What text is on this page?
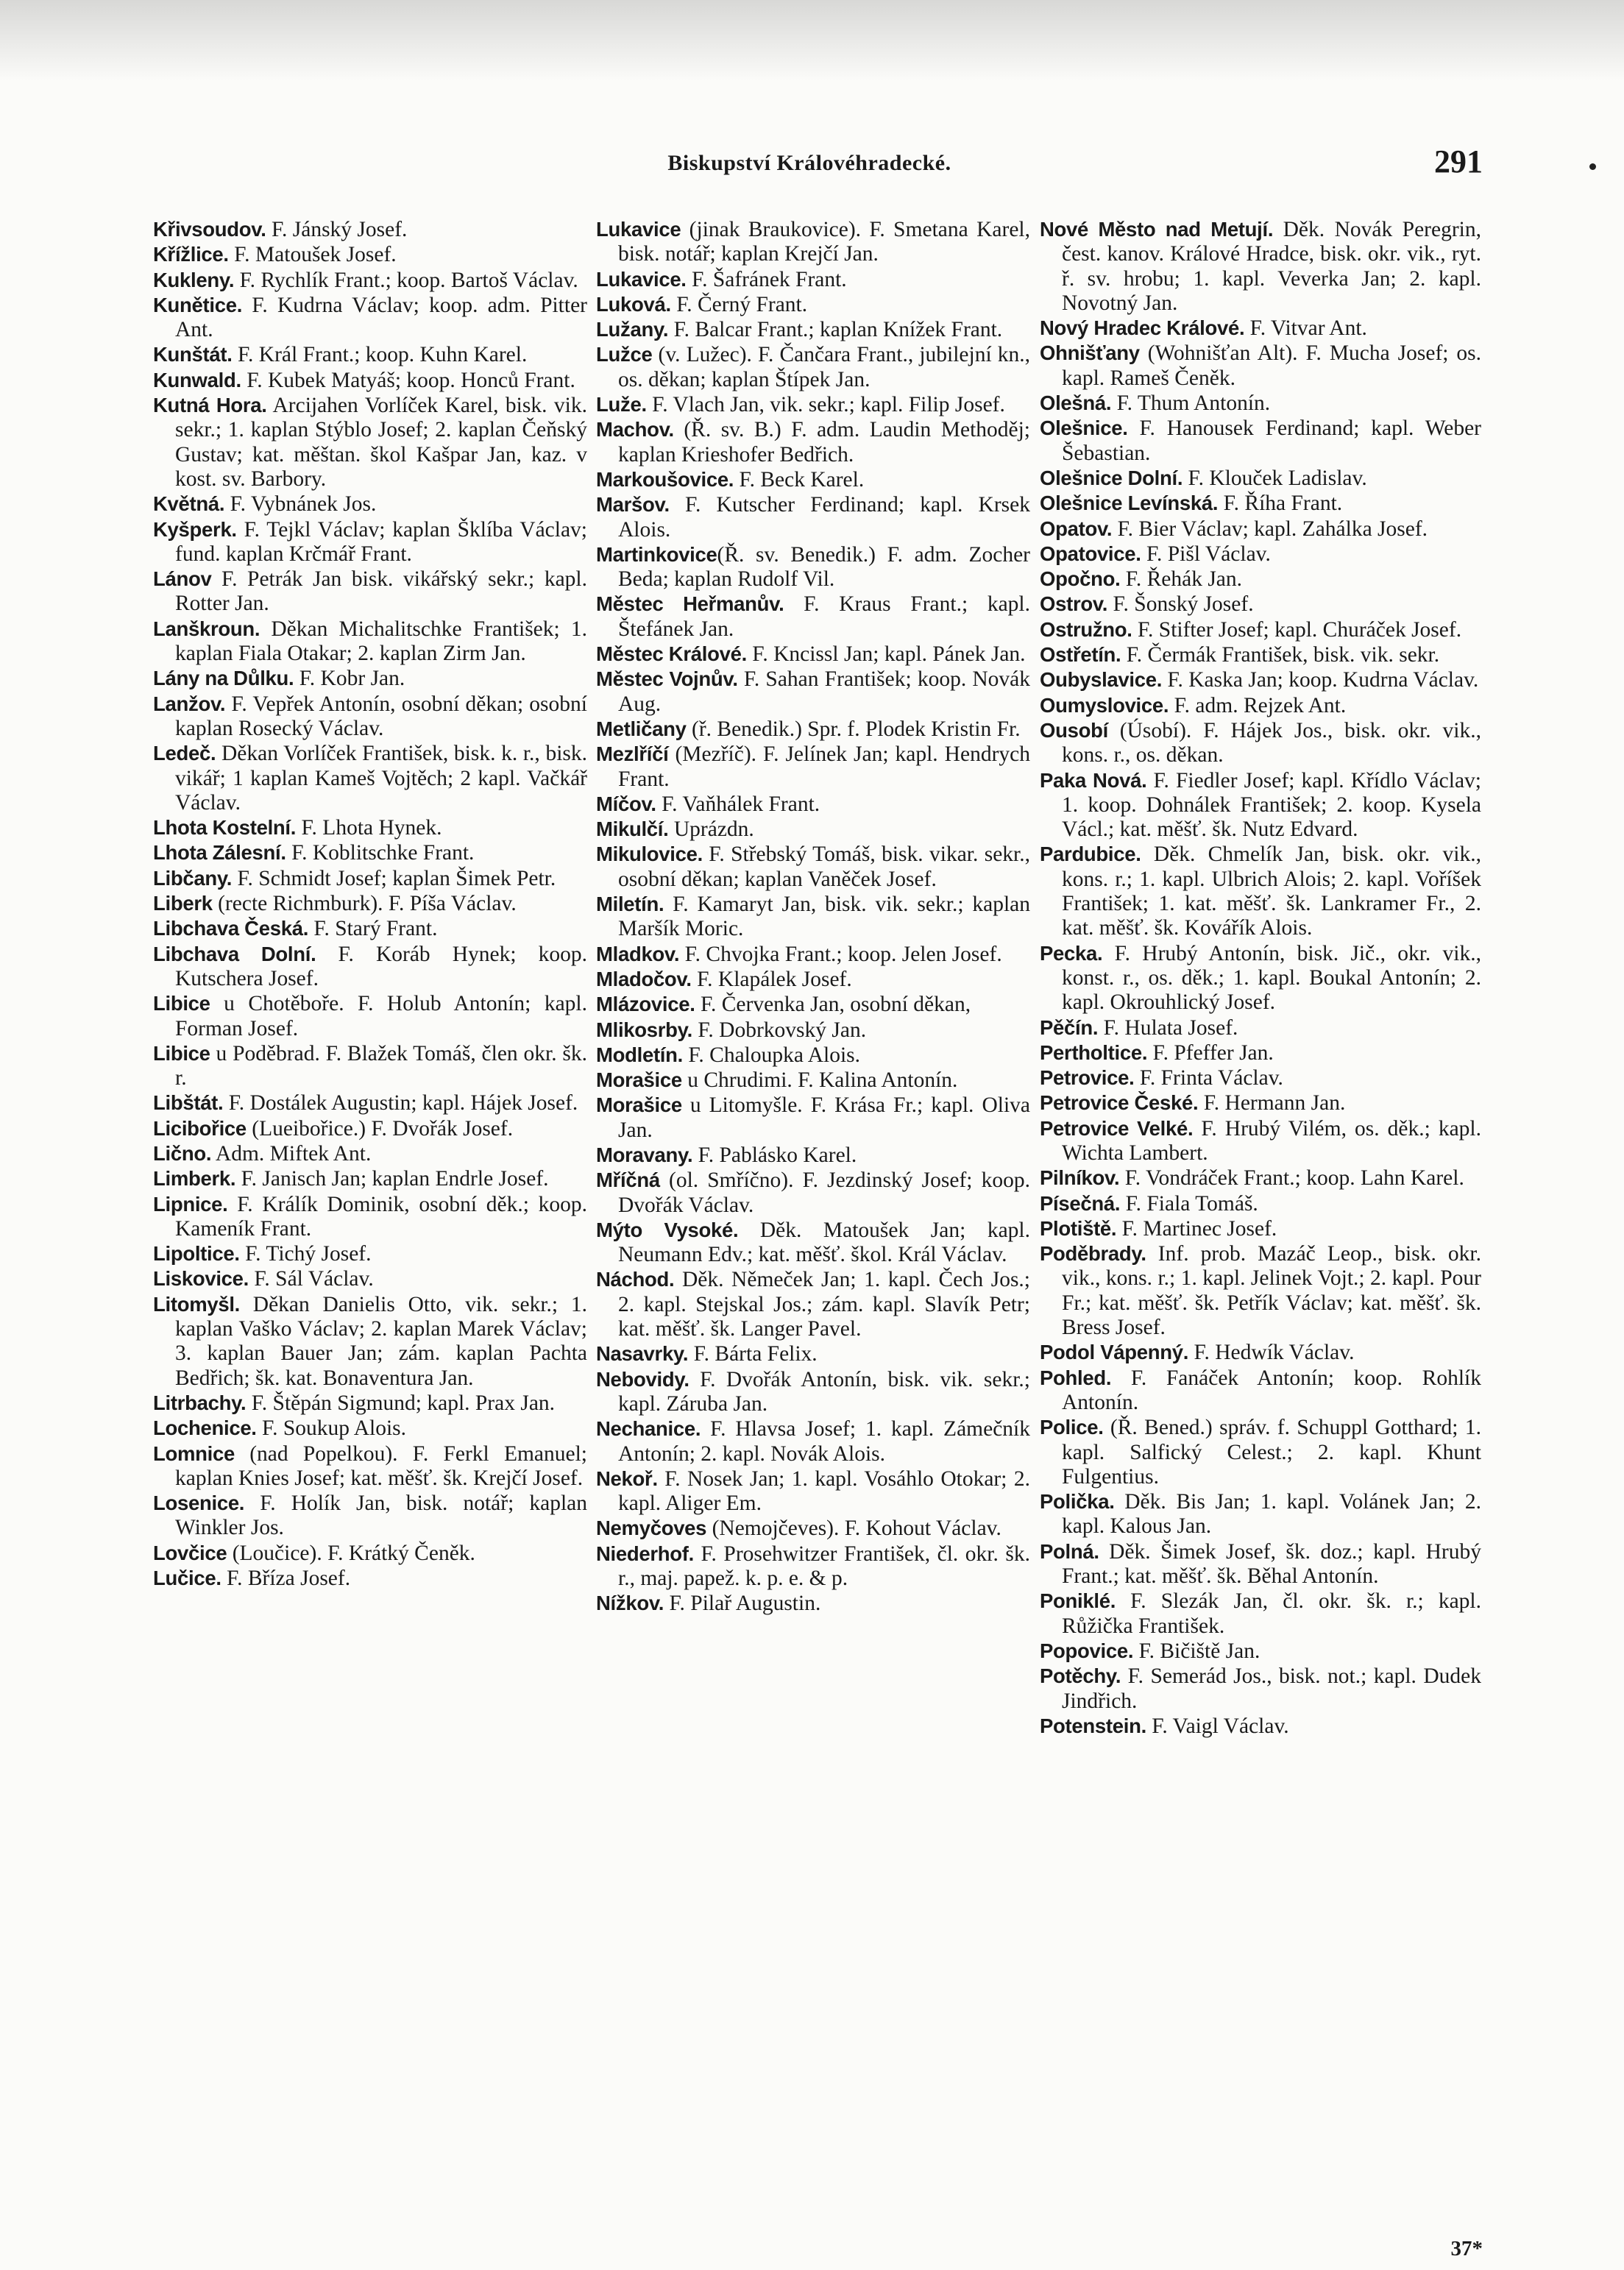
Biskupství Královéhradecké.	291

Křivsoudov. F. Jánský Josef.

Křížlice. F. Matoušek Josef.

Kukleny. F. Rychlík Frant.; koop. Bartoš Václav.

Kunětice. F. Kudrna Václav; koop. adm. Pitter Ant.

Kunštát. F. Král Frant.; koop. Kuhn Karel.

Kunwald. F. Kubek Matyáš; koop. Honců Frant.

Kutná Hora. Arcijahen Vorlíček Karel, bisk. vik. sekr.; 1. kaplan Stýblo Josef; 2. kaplan Čeňský Gustav; kat. měštan. škol Kašpar Jan, kaz. v kost. sv. Barbory.

Květná. F. Vybnánek Jos.

Kyšperk. F. Tejkl Václav; kaplan Šklíba Václav; fund. kaplan Krčmář Frant.

Lánov F. Petrák Jan bisk. vikářský sekr.; kapl. Rotter Jan.

Lanškroun. Děkan Michalitschke František; 1. kaplan Fiala Otakar; 2. kaplan Zirm Jan.

Lány na Důlku. F. Kobr Jan.

Lanžov. F. Vepřek Antonín, osobní děkan; osobní kaplan Rosecký Václav.

Ledeč. Děkan Vorlíček František, bisk. k. r., bisk. vikář; 1 kaplan Kameš Vojtěch; 2 kapl. Vačkář Václav.

Lhota Kostelní. F. Lhota Hynek.

Lhota Zálesní. F. Koblitschke Frant.

Libčany. F. Schmidt Josef; kaplan Šimek Petr.

Liberk (recte Richmburk). F. Píša Václav.

Libchava Česká. F. Starý Frant.

Libchava Dolní. F. Koráb Hynek; koop. Kutschera Josef.

Libice u Chotěboře. F. Holub Antonín; kapl. Forman Josef.

Libice u Poděbrad. F. Blažek Tomáš, člen okr. šk. r.

Libštát. F. Dostálek Augustin; kapl. Hájek Josef.

Licibořice (Lueibořice.) F. Dvořák Josef.

Lično. Adm. Miftek Ant.

Limberk. F. Janisch Jan; kaplan Endrle Josef.

Lipnice. F. Králík Dominik, osobní děk.; koop. Kameník Frant.

Lipoltice. F. Tichý Josef.

Liskovice. F. Sál Václav.

Litomyšl. Děkan Danielis Otto, vik. sekr.; 1. kaplan Vaško Václav; 2. kaplan Marek Václav; 3. kaplan Bauer Jan; zám. kaplan Pachta Bedřich; šk. kat. Bonaventura Jan.

Litrbachy. F. Štěpán Sigmund; kapl. Prax Jan.

Lochenice. F. Soukup Alois.

Lomnice (nad Popelkou). F. Ferkl Emanuel; kaplan Knies Josef; kat. měšť. šk. Krejčí Josef.

Losenice. F. Holík Jan, bisk. notář; kaplan Winkler Jos.

Lovčice (Loučice). F. Krátký Čeněk.

Lučice. F. Bříza Josef.

Lukavice (jinak Braukovice). F. Smetana Karel, bisk. notář; kaplan Krejčí Jan.

Lukavice. F. Šafránek Frant.

Luková. F. Černý Frant.

Lužany. F. Balcar Frant.; kaplan Knížek Frant.

Lužce (v. Lužec). F. Čančara Frant., jubilejní kn., os. děkan; kaplan Štípek Jan.

Luže. F. Vlach Jan, vik. sekr.; kapl. Filip Josef.

Machov. (Ř. sv. B.) F. adm. Laudin Methoděj; kaplan Krieshofer Bedřich.

Markoušovice. F. Beck Karel.

Maršov. F. Kutscher Ferdinand; kapl. Krsek Alois.

Martinkovice(Ř. sv. Benedik.) F. adm. Zocher Beda; kaplan Rudolf Vil.

Městec Heřmanův. F. Kraus Frant.; kapl. Štefánek Jan.

Městec Králové. F. Kncissl Jan; kapl. Pánek Jan.

Městec Vojnův. F. Sahan František; koop. Novák Aug.

Metličany (ř. Benedik.) Spr. f. Plodek Kristin Fr.

Mezlříčí (Mezříč). F. Jelínek Jan; kapl. Hendrych Frant.

Míčov. F. Vaňhálek Frant.

Mikulčí. Uprázdn.

Mikulovice. F. Střebský Tomáš, bisk. vikar. sekr., osobní děkan; kaplan Vaněček Josef.

Miletín. F. Kamaryt Jan, bisk. vik. sekr.; kaplan Maršík Moric.

Mladkov. F. Chvojka Frant.; koop. Jelen Josef.

Mladočov. F. Klapálek Josef.

Mlázovice. F. Červenka Jan, osobní děkan,

Mlikosrby. F. Dobrkovský Jan.

Modletín. F. Chaloupka Alois.

Morašice u Chrudimi. F. Kalina Antonín.

Morašice u Litomyšle. F. Krása Fr.; kapl. Oliva Jan.

Moravany. F. Pablásko Karel.

Mříčná (ol. Smříčno). F. Jezdinský Josef; koop. Dvořák Václav.

Mýto Vysoké. Děk. Matoušek Jan; kapl. Neumann Edv.; kat. měšť. škol. Král Václav.

Náchod. Děk. Němeček Jan; 1. kapl. Čech Jos.; 2. kapl. Stejskal Jos.; zám. kapl. Slavík Petr; kat. měšť. šk. Langer Pavel.

Nasavrky. F. Bárta Felix.

Nebovidy. F. Dvořák Antonín, bisk. vik. sekr.; kapl. Záruba Jan.

Nechanice. F. Hlavsa Josef; 1. kapl. Zámečník Antonín; 2. kapl. Novák Alois.

Nekoř. F. Nosek Jan; 1. kapl. Vosáhlo Otokar; 2. kapl. Aliger Em.

Nemyčoves (Nemojčeves). F. Kohout Václav.

Niederhof. F. Prosehwitzer František, čl. okr. šk. r., maj. papež. k. p. e. & p.

Nížkov. F. Pilař Augustin.

Nové Město nad Metují. Děk. Novák Peregrin, čest. kanov. Králové Hradce, bisk. okr. vik., ryt. ř. sv. hrobu; 1. kapl. Veverka Jan; 2. kapl. Novotný Jan.

Nový Hradec Králové. F. Vitvar Ant.

Ohnišťany (Wohnišťan Alt). F. Mucha Josef; os. kapl. Rameš Čeněk.

Olešná. F. Thum Antonín.

Olešnice. F. Hanousek Ferdinand; kapl. Weber Šebastian.

Olešnice Dolní. F. Klouček Ladislav.

Olešnice Levínská. F. Říha Frant.

Opatov. F. Bier Václav; kapl. Zahálka Josef.

Opatovice. F. Pišl Václav.

Opočno. F. Řehák Jan.

Ostrov. F. Šonský Josef.

Ostružno. F. Stifter Josef; kapl. Churáček Josef.

Ostřetín. F. Čermák František, bisk. vik. sekr.

Oubyslavice. F. Kaska Jan; koop. Kudrna Václav.

Oumyslovice. F. adm. Rejzek Ant.

Ousobí (Úsobí). F. Hájek Jos., bisk. okr. vik., kons. r., os. děkan.

Paka Nová. F. Fiedler Josef; kapl. Křídlo Václav; 1. koop. Dohnálek František; 2. koop. Kysela Václ.; kat. měšť. šk. Nutz Edvard.

Pardubice. Děk. Chmelík Jan, bisk. okr. vik., kons. r.; 1. kapl. Ulbrich Alois; 2. kapl. Voříšek František; 1. kat. měšť. šk. Lankramer Fr., 2. kat. měšť. šk. Kovářík Alois.

Pecka. F. Hrubý Antonín, bisk. Jič., okr. vik., konst. r., os. děk.; 1. kapl. Boukal Antonín; 2. kapl. Okrouhlický Josef.

Pěčín. F. Hulata Josef.

Pertholtice. F. Pfeffer Jan.

Petrovice. F. Frinta Václav.

Petrovice České. F. Hermann Jan.

Petrovice Velké. F. Hrubý Vilém, os. děk.; kapl. Wichta Lambert.

Pilníkov. F. Vondráček Frant.; koop. Lahn Karel.

Písečná. F. Fiala Tomáš.

Plotiště. F. Martinec Josef.

Poděbrady. Inf. prob. Mazáč Leop., bisk. okr. vik., kons. r.; 1. kapl. Jelinek Vojt.; 2. kapl. Pour Fr.; kat. měšť. šk. Petřík Václav; kat. měšť. šk. Bress Josef.

Podol Vápenný. F. Hedwík Václav.

Pohled. F. Fanáček Antonín; koop. Rohlík Antonín.

Police. (Ř. Bened.) správ. f. Schuppl Gotthard; 1. kapl. Salfický Celest.; 2. kapl. Khunt Fulgentius.

Polička. Děk. Bis Jan; 1. kapl. Volánek Jan; 2. kapl. Kalous Jan.

Polná. Děk. Šimek Josef, šk. doz.; kapl. Hrubý Frant.; kat. měšť. šk. Běhal Antonín.

Poniklé. F. Slezák Jan, čl. okr. šk. r.; kapl. Růžička František.

Popovice. F. Bičiště Jan.

Potěchy. F. Semerád Jos., bisk. not.; kapl. Dudek Jindřich.

Potenstein. F. Vaigl Václav.

37*
